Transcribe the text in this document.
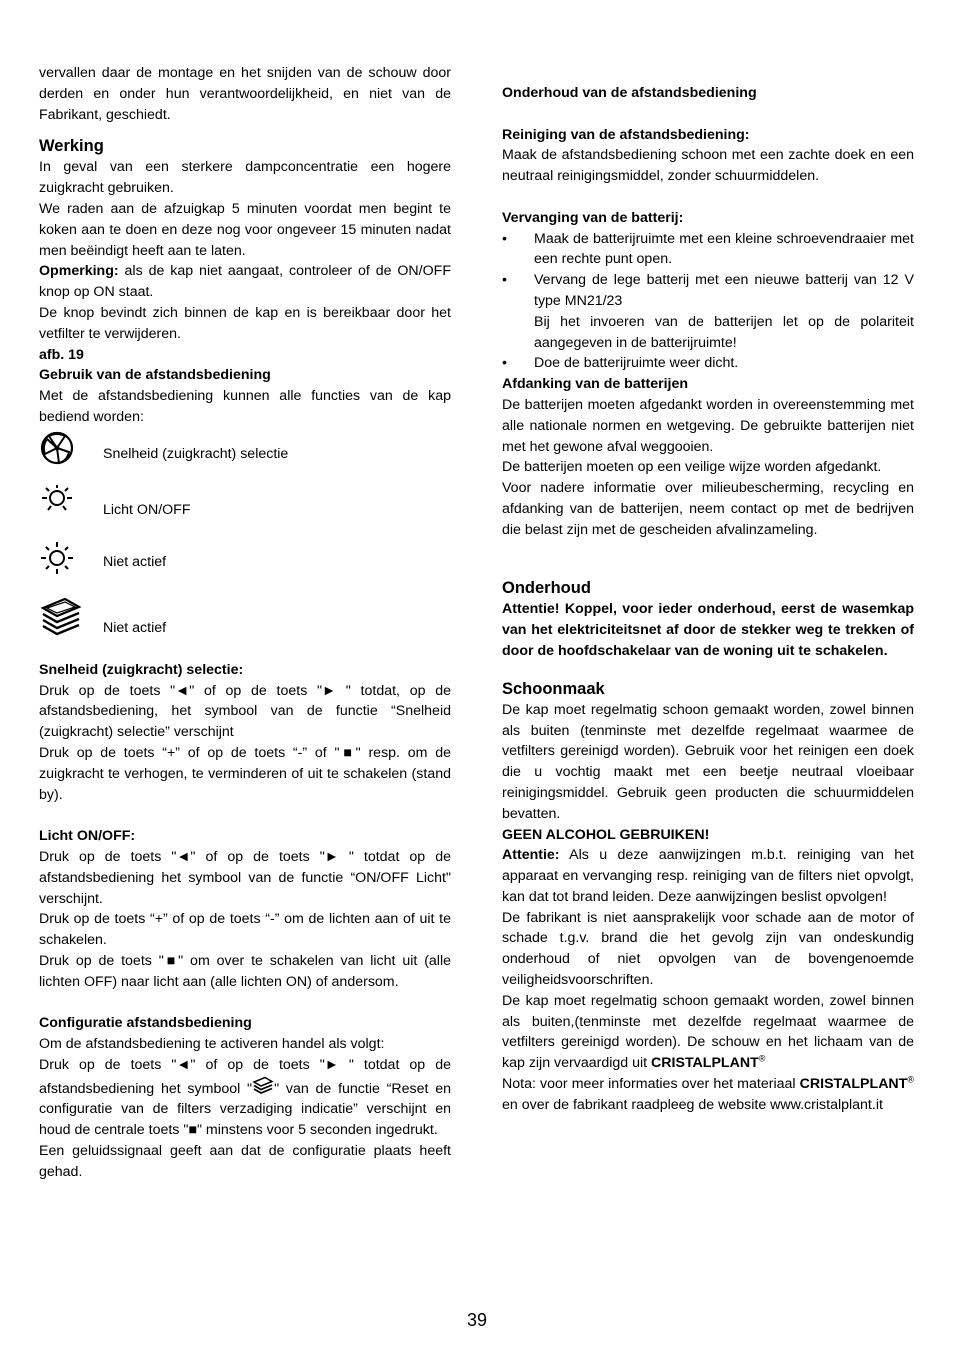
vervallen daar de montage en het snijden van de schouw door derden en onder hun verantwoordelijkheid, en niet van de Fabrikant, geschiedt.

Werking

In geval van een sterkere dampconcentratie een hogere zuigkracht gebruiken.

We raden aan de afzuigkap 5 minuten voordat men begint te koken aan te doen en deze nog voor ongeveer 15 minuten nadat men beëindigt heeft aan te laten.

Opmerking: als de kap niet aangaat, controleer of de ON/OFF knop op ON staat.

De knop bevindt zich binnen de kap en is bereikbaar door het vetfilter te verwijderen.

afb. 19

Gebruik van de afstandsbediening

Met de afstandsbediening kunnen alle functies van de kap bediend worden:

Snelheid (zuigkracht) selectie
Licht ON/OFF
Niet actief
Niet actief

Snelheid (zuigkracht) selectie:

Druk op de toets "◄" of op de toets "► " totdat, op de afstandsbediening, het symbool van de functie “Snelheid (zuigkracht) selectie” verschijnt

Druk op de toets “+” of op de toets “-” of "■" resp. om de zuigkracht te verhogen, te verminderen of uit te schakelen (stand by).

Licht ON/OFF:

Druk op de toets "◄" of op de toets "► " totdat op de afstandsbediening het symbool van de functie “ON/OFF Licht" verschijnt.

Druk op de toets “+” of op de toets “-” om de lichten aan of uit te schakelen.

Druk op de toets "■" om over te schakelen van licht uit (alle lichten OFF) naar licht aan (alle lichten ON) of andersom.

Configuratie afstandsbediening

Om de afstandsbediening te activeren handel als volgt:

Druk op de toets "◄" of op de toets "► " totdat op de afstandsbediening het symbool " " van de functie “Reset en configuratie van de filters verzadiging indicatie” verschijnt en houd de centrale toets "■" minstens voor 5 seconden ingedrukt.

Een geluidssignaal geeft aan dat de configuratie plaats heeft gehad.

Onderhoud van de afstandsbediening

Reiniging van de afstandsbediening:

Maak de afstandsbediening schoon met een zachte doek en een neutraal reinigingsmiddel, zonder schuurmiddelen.

Vervanging van de batterij:

• Maak de batterijruimte met een kleine schroevendraaier met een rechte punt open.

• Vervang de lege batterij met een nieuwe batterij van 12 V type MN21/23

Bij het invoeren van de batterijen let op de polariteit aangegeven in de batterijruimte!

• Doe de batterijruimte weer dicht.

Afdanking van de batterijen

De batterijen moeten afgedankt worden in overeenstemming met alle nationale normen en wetgeving. De gebruikte batterijen niet met het gewone afval weggooien.

De batterijen moeten op een veilige wijze worden afgedankt.

Voor nadere informatie over milieubescherming, recycling en afdanking van de batterijen, neem contact op met de bedrijven die belast zijn met de gescheiden afvalinzameling.

Onderhoud

Attentie! Koppel, voor ieder onderhoud, eerst de wasemkap van het elektriciteitsnet af door de stekker weg te trekken of door de hoofdschakelaar van de woning uit te schakelen.

Schoonmaak

De kap moet regelmatig schoon gemaakt worden, zowel binnen als buiten (tenminste met dezelfde regelmaat waarmee de vetfilters gereinigd worden). Gebruik voor het reinigen een doek die u vochtig maakt met een beetje neutraal vloeibaar reinigingsmiddel. Gebruik geen producten die schuurmiddelen bevatten.

GEEN ALCOHOL GEBRUIKEN!

Attentie: Als u deze aanwijzingen m.b.t. reiniging van het apparaat en vervanging resp. reiniging van de filters niet opvolgt, kan dat tot brand leiden. Deze aanwijzingen beslist opvolgen!

De fabrikant is niet aansprakelijk voor schade aan de motor of schade t.g.v. brand die het gevolg zijn van ondeskundig onderhoud of niet opvolgen van de bovengenoemde veiligheidsvoorschriften.

De kap moet regelmatig schoon gemaakt worden, zowel binnen als buiten,(tenminste met dezelfde regelmaat waarmee de vetfilters gereinigd worden). De schouw en het lichaam van de kap zijn vervaardigd uit CRISTALPLANT®

Nota: voor meer informaties over het materiaal CRISTALPLANT® en over de fabrikant raadpleeg de website www.cristalplant.it

39
